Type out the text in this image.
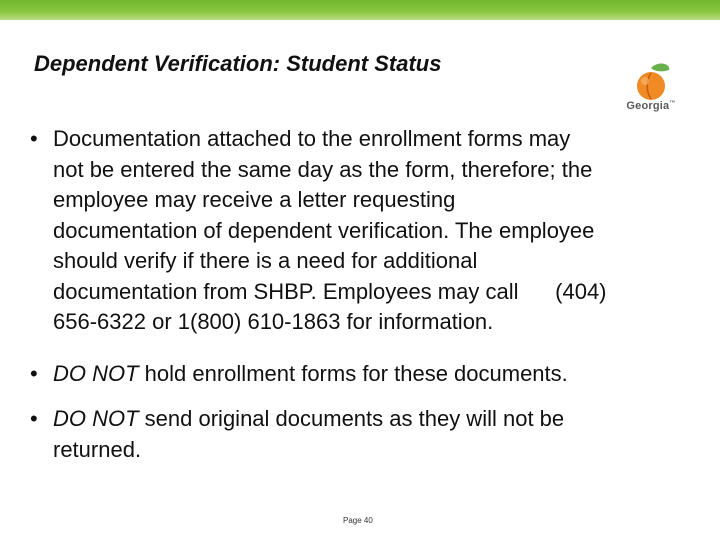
Dependent Verification: Student Status
Georgia™
• Documentation attached to the enrollment forms may
not be entered the same day as the form, therefore; the
employee may receive a letter requesting
documentation of dependent verification. The employee
should verify if there is a need for additional
documentation from SHBP. Employees may call      (404)
656-6322 or 1(800) 610-1863 for information.
• DO NOT hold enrollment forms for these documents.
• DO NOT send original documents as they will not be
returned.
Page 40
